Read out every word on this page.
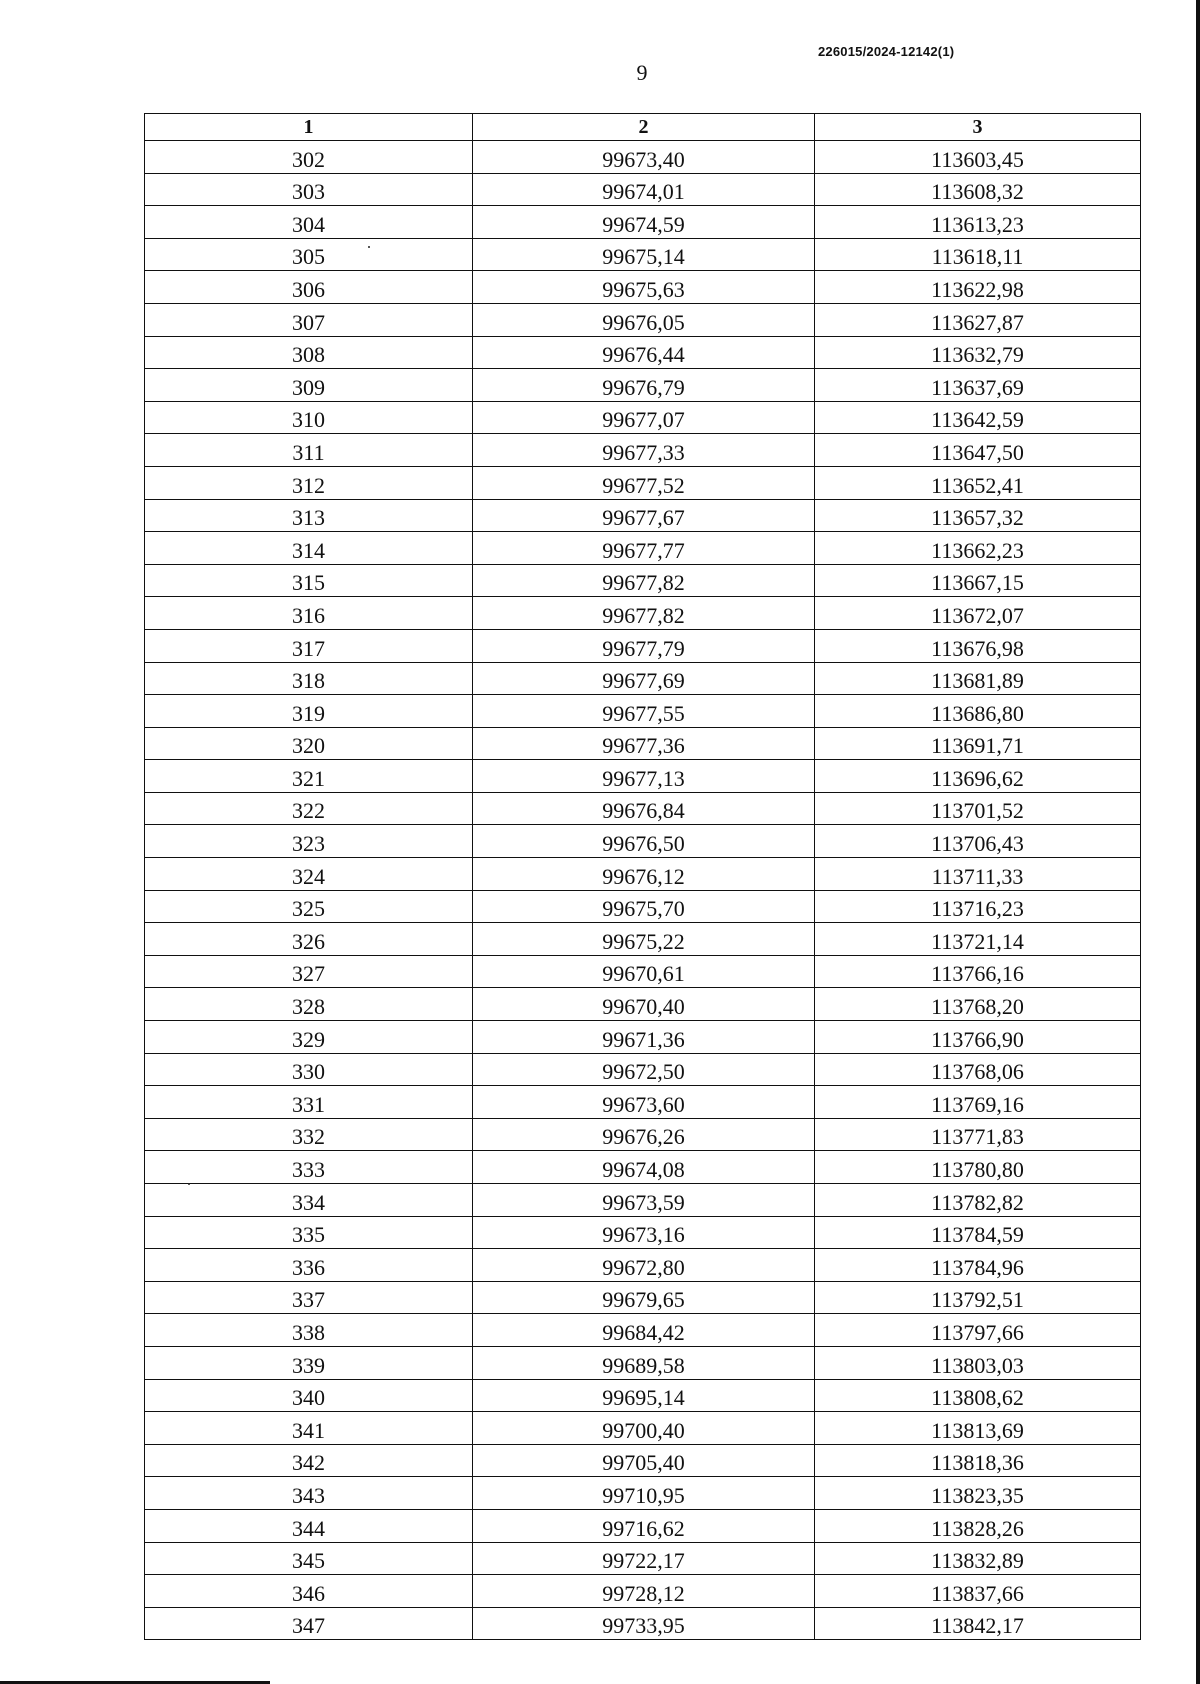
226015/2024-12142(1)
9
1	2	3
302	99673,40	113603,45
303	99674,01	113608,32
304	99674,59	113613,23
305	99675,14	113618,11
306	99675,63	113622,98
307	99676,05	113627,87
308	99676,44	113632,79
309	99676,79	113637,69
310	99677,07	113642,59
311	99677,33	113647,50
312	99677,52	113652,41
313	99677,67	113657,32
314	99677,77	113662,23
315	99677,82	113667,15
316	99677,82	113672,07
317	99677,79	113676,98
318	99677,69	113681,89
319	99677,55	113686,80
320	99677,36	113691,71
321	99677,13	113696,62
322	99676,84	113701,52
323	99676,50	113706,43
324	99676,12	113711,33
325	99675,70	113716,23
326	99675,22	113721,14
327	99670,61	113766,16
328	99670,40	113768,20
329	99671,36	113766,90
330	99672,50	113768,06
331	99673,60	113769,16
332	99676,26	113771,83
333	99674,08	113780,80
334	99673,59	113782,82
335	99673,16	113784,59
336	99672,80	113784,96
337	99679,65	113792,51
338	99684,42	113797,66
339	99689,58	113803,03
340	99695,14	113808,62
341	99700,40	113813,69
342	99705,40	113818,36
343	99710,95	113823,35
344	99716,62	113828,26
345	99722,17	113832,89
346	99728,12	113837,66
347	99733,95	113842,17
